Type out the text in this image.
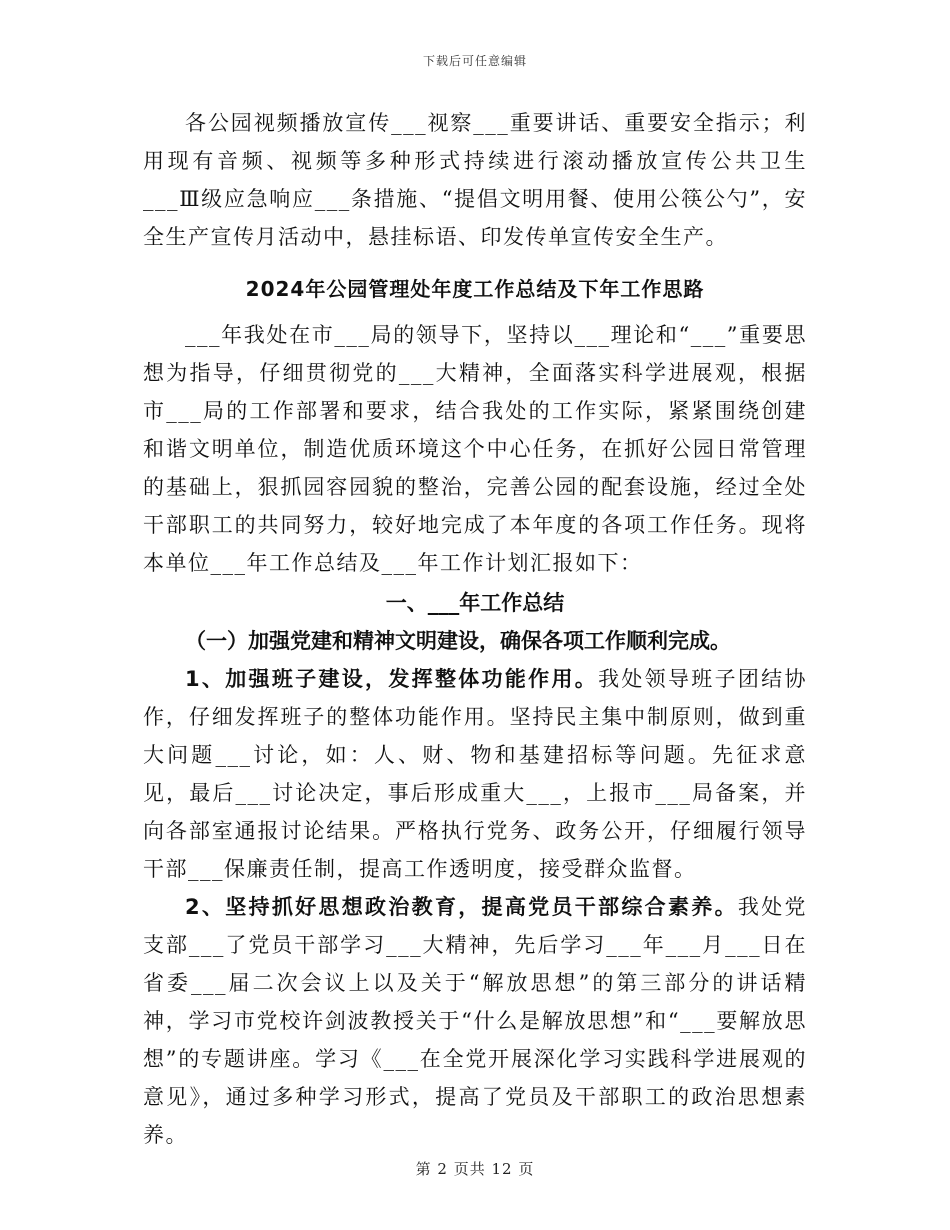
下载后可任意编辑

各公园视频播放宣传___视察___重要讲话、重要安全指示；利用现有音频、视频等多种形式持续进行滚动播放宣传公共卫生___Ⅲ级应急响应___条措施、“提倡文明用餐、使用公筷公勺”，安全生产宣传月活动中，悬挂标语、印发传单宣传安全生产。

2024年公园管理处年度工作总结及下年工作思路

___年我处在市___局的领导下，坚持以___理论和“___”重要思想为指导，仔细贯彻党的___大精神，全面落实科学进展观，根据市___局的工作部署和要求，结合我处的工作实际，紧紧围绕创建和谐文明单位，制造优质环境这个中心任务，在抓好公园日常管理的基础上，狠抓园容园貌的整治，完善公园的配套设施，经过全处干部职工的共同努力，较好地完成了本年度的各项工作任务。现将本单位___年工作总结及___年工作计划汇报如下：

一、___年工作总结
（一）加强党建和精神文明建设，确保各项工作顺利完成。

1、加强班子建设，发挥整体功能作用。我处领导班子团结协作，仔细发挥班子的整体功能作用。坚持民主集中制原则，做到重大问题___讨论，如：人、财、物和基建招标等问题。先征求意见，最后___讨论决定，事后形成重大___，上报市___局备案，并向各部室通报讨论结果。严格执行党务、政务公开，仔细履行领导干部___保廉责任制，提高工作透明度，接受群众监督。

2、坚持抓好思想政治教育，提高党员干部综合素养。我处党支部___了党员干部学习___大精神，先后学习___年___月___日在省委___届二次会议上以及关于“解放思想”的第三部分的讲话精神，学习市党校许剑波教授关于“什么是解放思想”和“___要解放思想”的专题讲座。学习《___在全党开展深化学习实践科学进展观的意见》，通过多种学习形式，提高了党员及干部职工的政治思想素养。

第 2 页共 12 页
